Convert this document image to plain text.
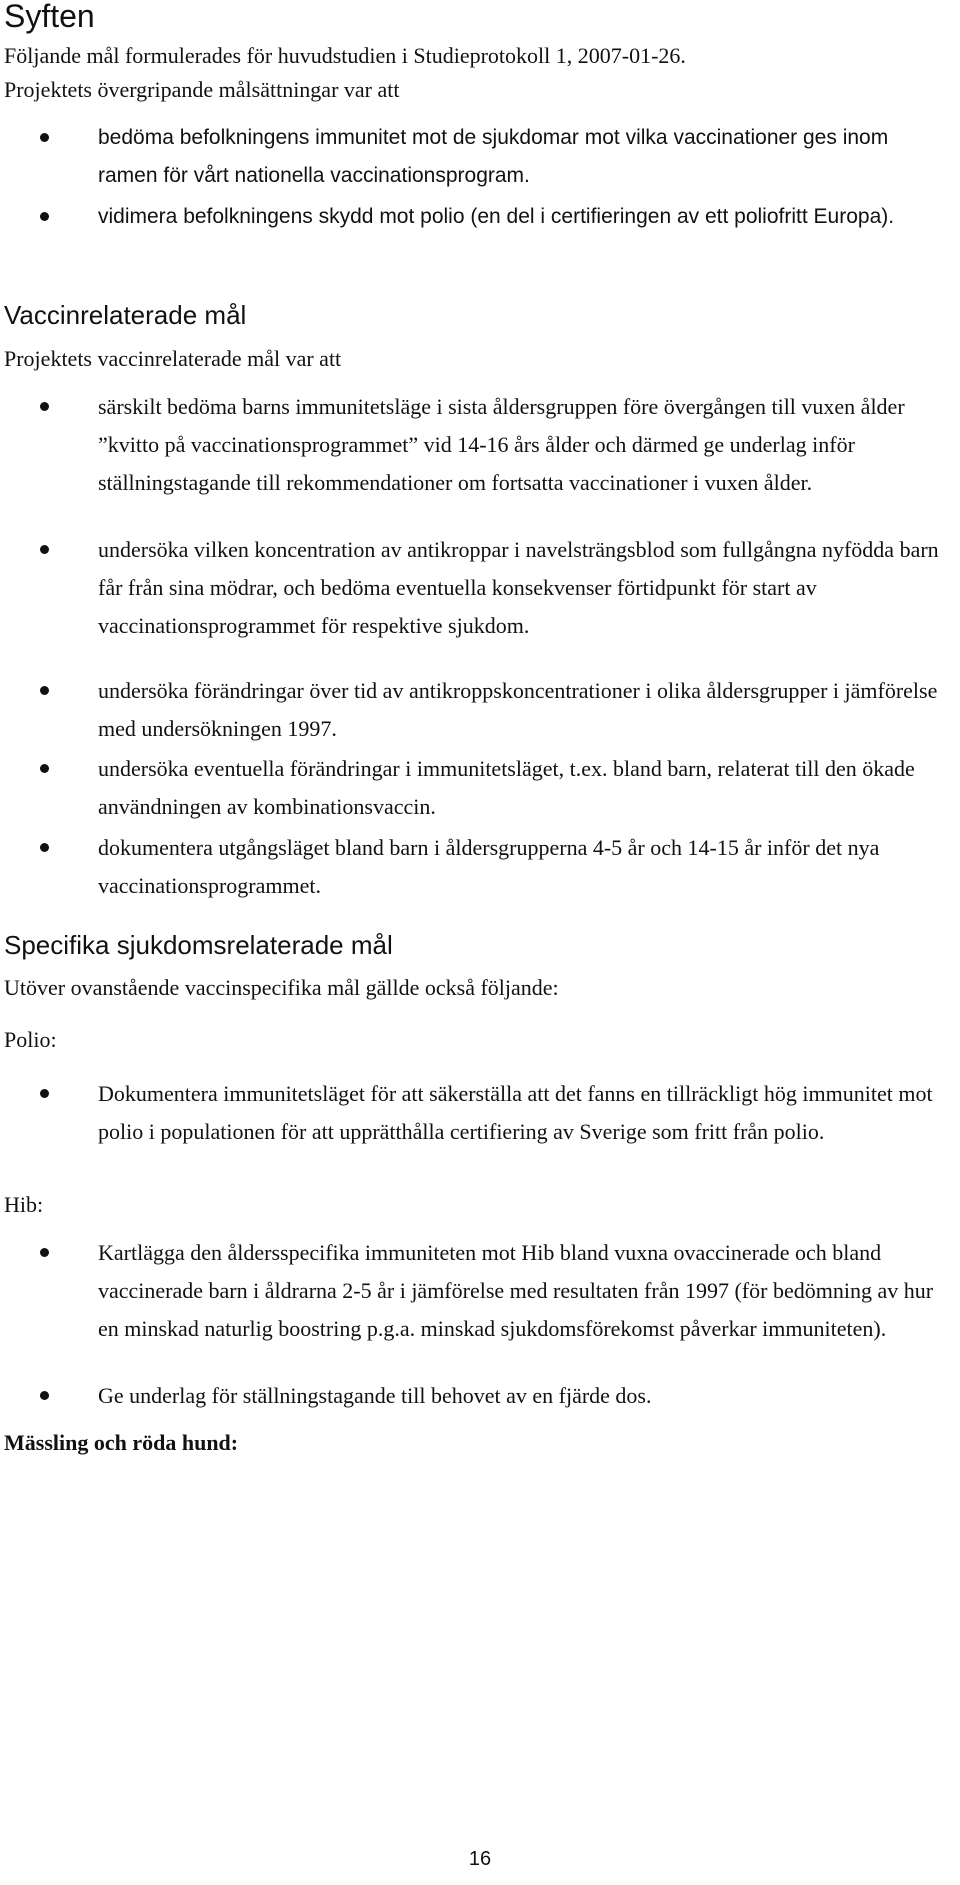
Syften

Följande mål formulerades för huvudstudien i Studieprotokoll 1, 2007-01-26.

Projektets övergripande målsättningar var att

bedöma befolkningens immunitet mot de sjukdomar mot vilka vaccinationer ges inom ramen för vårt nationella vaccinationsprogram.

vidimera befolkningens skydd mot polio (en del i certifieringen av ett poliofritt Europa).

Vaccinrelaterade mål

Projektets vaccinrelaterade mål var att

särskilt bedöma barns immunitetsläge i sista åldersgruppen före övergången till vuxen ålder ”kvitto på vaccinationsprogrammet” vid 14-16 års ålder och därmed ge underlag inför ställningstagande till rekommendationer om fortsatta vaccinationer i vuxen ålder.

undersöka vilken koncentration av antikroppar i navelsträngsblod som fullgångna nyfödda barn får från sina mödrar, och bedöma eventuella konsekvenser förtidpunkt för start av vaccinationsprogrammet för respektive sjukdom.

undersöka förändringar över tid av antikroppskoncentrationer i olika åldersgrupper i jämförelse med undersökningen 1997.

undersöka eventuella förändringar i immunitetsläget, t.ex. bland barn, relaterat till den ökade användningen av kombinationsvaccin.

dokumentera utgångsläget bland barn i åldersgrupperna 4-5 år och 14-15 år inför det nya vaccinationsprogrammet.

Specifika sjukdomsrelaterade mål

Utöver ovanstående vaccinspecifika mål gällde också följande:

Polio:

Dokumentera immunitetsläget för att säkerställa att det fanns en tillräckligt hög immunitet mot polio i populationen för att upprätthålla certifiering av Sverige som fritt från polio.

Hib:

Kartlägga den åldersspecifika immuniteten mot Hib bland vuxna ovaccinerade och bland vaccinerade barn i åldrarna 2-5 år i jämförelse med resultaten från 1997 (för bedömning av hur en minskad naturlig boostring p.g.a. minskad sjukdomsförekomst påverkar immuniteten).

Ge underlag för ställningstagande till behovet av en fjärde dos.

Mässling och röda hund:

16
